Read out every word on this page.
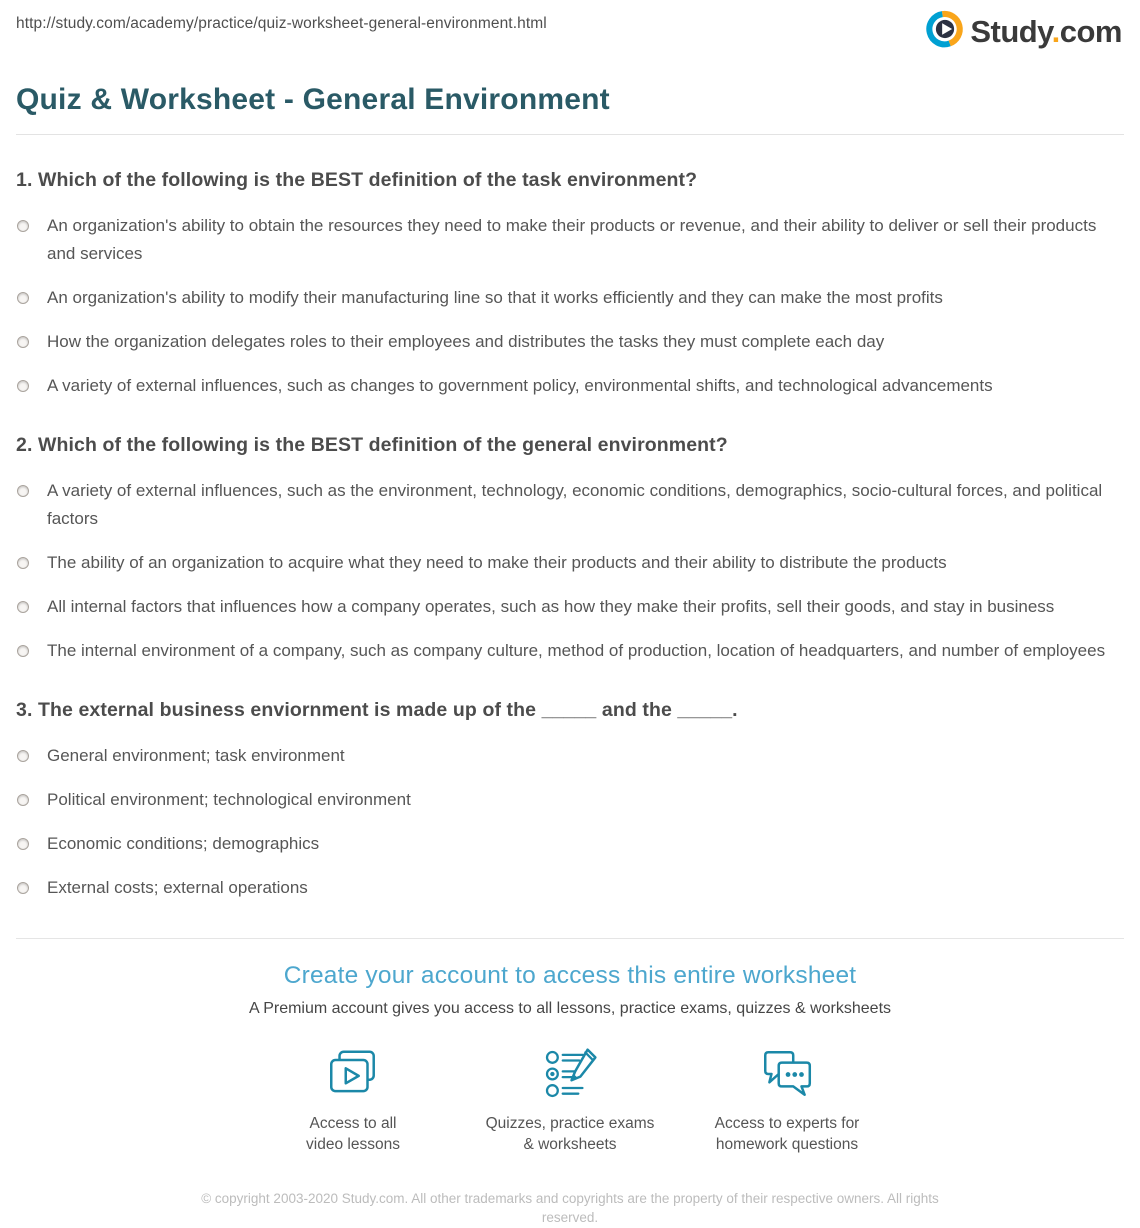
http://study.com/academy/practice/quiz-worksheet-general-environment.html	Study.com
Quiz & Worksheet - General Environment
1. Which of the following is the BEST definition of the task environment?
An organization's ability to obtain the resources they need to make their products or revenue, and their ability to deliver or sell their products and services
An organization's ability to modify their manufacturing line so that it works efficiently and they can make the most profits
How the organization delegates roles to their employees and distributes the tasks they must complete each day
A variety of external influences, such as changes to government policy, environmental shifts, and technological advancements
2. Which of the following is the BEST definition of the general environment?
A variety of external influences, such as the environment, technology, economic conditions, demographics, socio-cultural forces, and political factors
The ability of an organization to acquire what they need to make their products and their ability to distribute the products
All internal factors that influences how a company operates, such as how they make their profits, sell their goods, and stay in business
The internal environment of a company, such as company culture, method of production, location of headquarters, and number of employees
3. The external business enviornment is made up of the _____ and the _____.
General environment; task environment
Political environment; technological environment
Economic conditions; demographics
External costs; external operations
Create your account to access this entire worksheet
A Premium account gives you access to all lessons, practice exams, quizzes & worksheets
Access to all
video lessons
Quizzes, practice exams
& worksheets
Access to experts for
homework questions
© copyright 2003-2020 Study.com. All other trademarks and copyrights are the property of their respective owners. All rights reserved.
